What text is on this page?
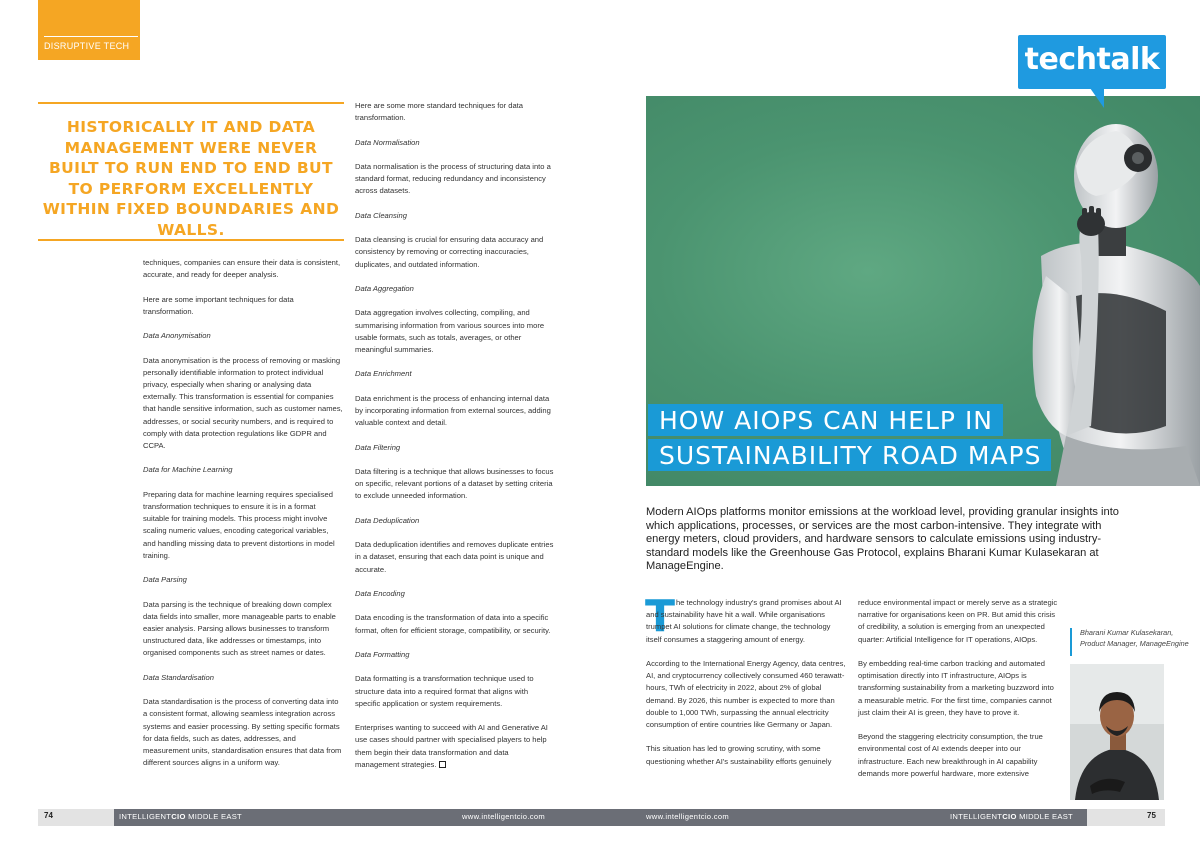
DISRUPTIVE TECH
HISTORICALLY IT AND DATA MANAGEMENT WERE NEVER BUILT TO RUN END TO END BUT TO PERFORM EXCELLENTLY WITHIN FIXED BOUNDARIES AND WALLS.

techniques, companies can ensure their data is consistent, accurate, and ready for deeper analysis.

Here are some important techniques for data transformation.

Data Anonymisation

Data anonymisation is the process of removing or masking personally identifiable information to protect individual privacy, especially when sharing or analysing data externally. This transformation is essential for companies that handle sensitive information, such as customer names, addresses, or social security numbers, and is required to comply with data protection regulations like GDPR and CCPA.

Data for Machine Learning

Preparing data for machine learning requires specialised transformation techniques to ensure it is in a format suitable for training models. This process might involve scaling numeric values, encoding categorical variables, and handling missing data to prevent distortions in model training.

Data Parsing

Data parsing is the technique of breaking down complex data fields into smaller, more manageable parts to enable easier analysis. Parsing allows businesses to transform unstructured data, like addresses or timestamps, into organised components such as street names or dates.

Data Standardisation

Data standardisation is the process of converting data into a consistent format, allowing seamless integration across systems and easier processing. By setting specific formats for data fields, such as dates, addresses, and measurement units, standardisation ensures that data from different sources aligns in a uniform way.

Here are some more standard techniques for data transformation.

Data Normalisation

Data normalisation is the process of structuring data into a standard format, reducing redundancy and inconsistency across datasets.

Data Cleansing

Data cleansing is crucial for ensuring data accuracy and consistency by removing or correcting inaccuracies, duplicates, and outdated information.

Data Aggregation

Data aggregation involves collecting, compiling, and summarising information from various sources into more usable formats, such as totals, averages, or other meaningful summaries.

Data Enrichment

Data enrichment is the process of enhancing internal data by incorporating information from external sources, adding valuable context and detail.

Data Filtering

Data filtering is a technique that allows businesses to focus on specific, relevant portions of a dataset by setting criteria to exclude unneeded information.

Data Deduplication

Data deduplication identifies and removes duplicate entries in a dataset, ensuring that each data point is unique and accurate.

Data Encoding

Data encoding is the transformation of data into a specific format, often for efficient storage, compatibility, or security.

Data Formatting

Data formatting is a transformation technique used to structure data into a required format that aligns with specific application or system requirements.

Enterprises wanting to succeed with AI and Generative AI use cases should partner with specialised players to help them begin their data transformation and data management strategies.

techtalk
HOW AIOPS CAN HELP IN
SUSTAINABILITY ROAD MAPS
Modern AIOps platforms monitor emissions at the workload level, providing granular insights into which applications, processes, or services are the most carbon-intensive. They integrate with energy meters, cloud providers, and hardware sensors to calculate emissions using industry-standard models like the Greenhouse Gas Protocol, explains Bharani Kumar Kulasekaran at ManageEngine.
T he technology industry's grand promises about AI and sustainability have hit a wall. While organisations trumpet AI solutions for climate change, the technology itself consumes a staggering amount of energy.

According to the International Energy Agency, data centres, AI, and cryptocurrency collectively consumed 460 terawatt-hours, TWh of electricity in 2022, about 2% of global demand. By 2026, this number is expected to more than double to 1,000 TWh, surpassing the annual electricity consumption of entire countries like Germany or Japan.

This situation has led to growing scrutiny, with some questioning whether AI's sustainability efforts genuinely

reduce environmental impact or merely serve as a strategic narrative for organisations keen on PR. But amid this crisis of credibility, a solution is emerging from an unexpected quarter: Artificial Intelligence for IT operations, AIOps.

By embedding real-time carbon tracking and automated optimisation directly into IT infrastructure, AIOps is transforming sustainability from a marketing buzzword into a measurable metric. For the first time, companies cannot just claim their AI is green, they have to prove it.

Beyond the staggering electricity consumption, the true environmental cost of AI extends deeper into our infrastructure. Each new breakthrough in AI capability demands more powerful hardware, more extensive

Bharani Kumar Kulasekaran, Product Manager, ManageEngine
74	INTELLIGENTCIO MIDDLE EAST	www.intelligentcio.com	www.intelligentcio.com	INTELLIGENTCIO MIDDLE EAST	75
